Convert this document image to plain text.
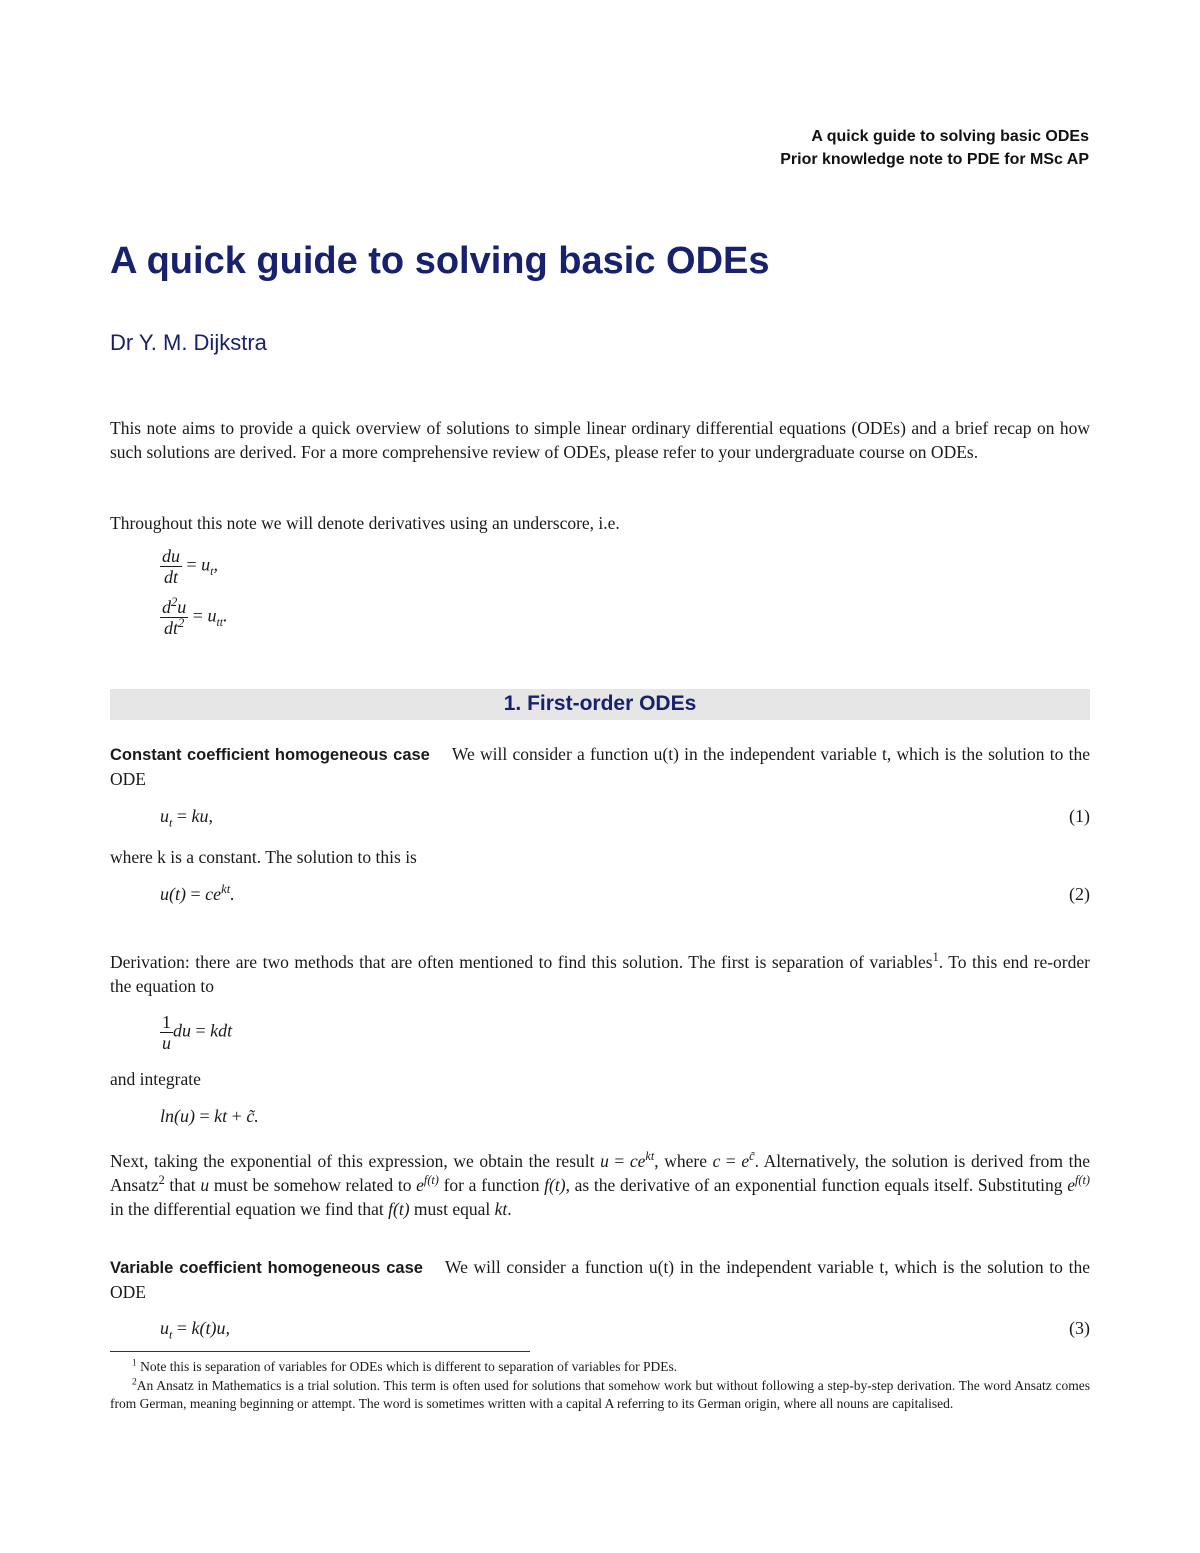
A quick guide to solving basic ODEs
Prior knowledge note to PDE for MSc AP
A quick guide to solving basic ODEs
Dr Y. M. Dijkstra
This note aims to provide a quick overview of solutions to simple linear ordinary differential equations (ODEs) and a brief recap on how such solutions are derived. For a more comprehensive review of ODEs, please refer to your undergraduate course on ODEs.
Throughout this note we will denote derivatives using an underscore, i.e.
$\frac{du}{dt} = u_t$,
$\frac{d^2u}{dt^2} = u_{tt}$.
1. First-order ODEs
Constant coefficient homogeneous case We will consider a function u(t) in the independent variable t, which is the solution to the ODE
$u_t$ = ku,	(1)
where k is a constant. The solution to this is
$u(t) = ce^{kt}$.	(2)
Derivation: there are two methods that are often mentioned to find this solution. The first is separation of variables$^1$. To this end re-order the equation to
$\frac{1}{u}$ du = kdt
and integrate
ln(u) = kt + c̃.
Next, taking the exponential of this expression, we obtain the result $u = ce^{kt}$, where $c = e^{c̃}$. Alternatively, the solution is derived from the Ansatz$^2$ that u must be somehow related to $e^{f(t)}$ for a function f(t), as the derivative of an exponential function equals itself. Substituting $e^{f(t)}$ in the differential equation we find that f(t) must equal kt.
Variable coefficient homogeneous case We will consider a function u(t) in the independent variable t, which is the solution to the ODE
$u_t = k(t)u$,	(3)
$^1$ Note this is separation of variables for ODEs which is different to separation of variables for PDEs.
$^2$An Ansatz in Mathematics is a trial solution. This term is often used for solutions that somehow work but without following a step-by-step derivation. The word Ansatz comes from German, meaning beginning or attempt. The word is sometimes written with a capital A referring to its German origin, where all nouns are capitalised.
